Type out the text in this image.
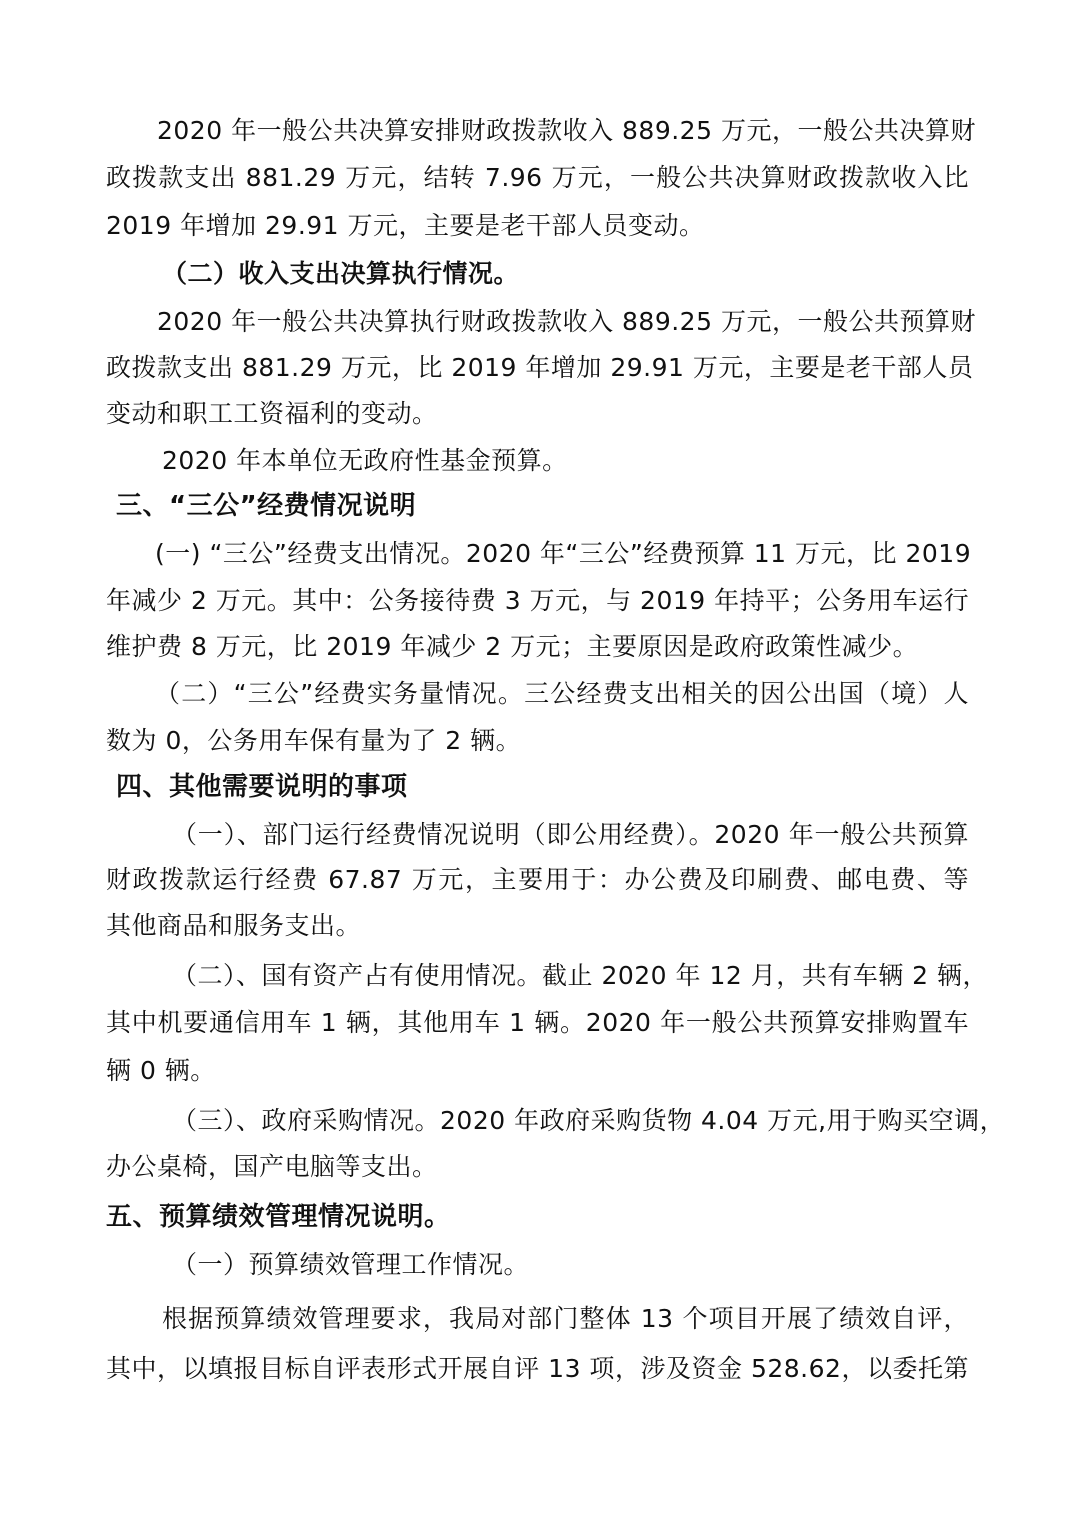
2020 年一般公共决算安排财政拨款收入 889.25 万元，一般公共决算财
政拨款支出 881.29 万元，结转 7.96 万元，一般公共决算财政拨款收入比
2019 年增加 29.91 万元，主要是老干部人员变动。
（二）收入支出决算执行情况。
2020 年一般公共决算执行财政拨款收入 889.25 万元，一般公共预算财
政拨款支出 881.29 万元，比 2019 年增加 29.91 万元，主要是老干部人员
变动和职工工资福利的变动。
2020 年本单位无政府性基金预算。
三、“三公”经费情况说明
(一) “三公”经费支出情况。2020 年“三公”经费预算 11 万元，比 2019
年减少 2 万元。其中：公务接待费 3 万元，与 2019 年持平；公务用车运行
维护费 8 万元，比 2019 年减少 2 万元；主要原因是政府政策性减少。
（二）“三公”经费实务量情况。三公经费支出相关的因公出国（境）人
数为 0，公务用车保有量为了 2 辆。
四、其他需要说明的事项
（一）、部门运行经费情况说明（即公用经费）。2020 年一般公共预算
财政拨款运行经费 67.87 万元，主要用于：办公费及印刷费、邮电费、等
其他商品和服务支出。
（二）、国有资产占有使用情况。截止 2020 年 12 月，共有车辆 2 辆，
其中机要通信用车 1 辆，其他用车 1 辆。2020 年一般公共预算安排购置车
辆 0 辆。
（三）、政府采购情况。2020 年政府采购货物 4.04 万元,用于购买空调，
办公桌椅，国产电脑等支出。
五、预算绩效管理情况说明。
（一）预算绩效管理工作情况。
根据预算绩效管理要求，我局对部门整体 13 个项目开展了绩效自评，
其中，以填报目标自评表形式开展自评 13 项，涉及资金 528.62，以委托第
